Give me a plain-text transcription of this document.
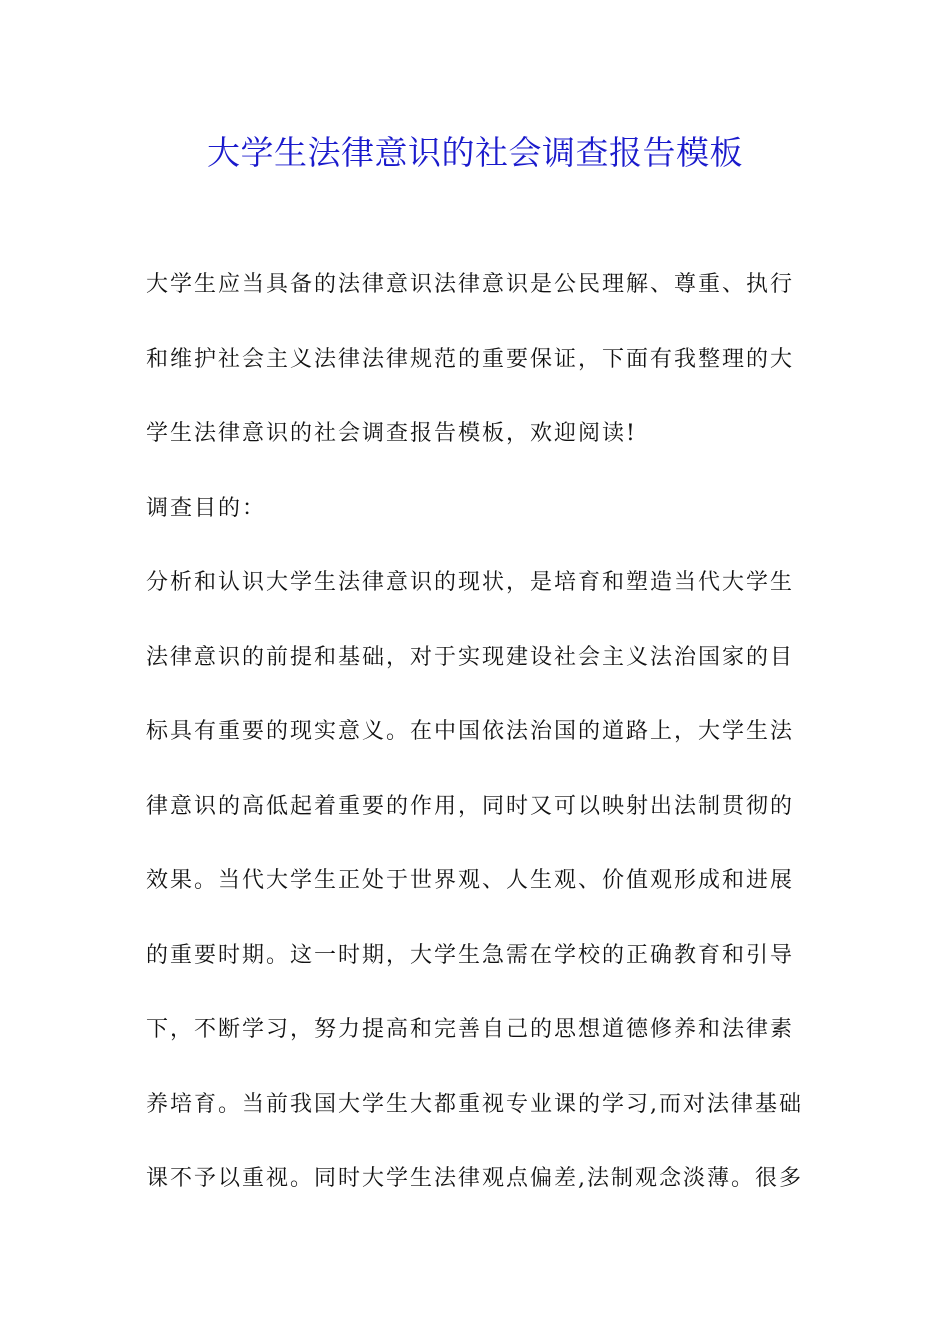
大学生法律意识的社会调查报告模板
大学生应当具备的法律意识法律意识是公民理解、尊重、执行
和维护社会主义法律法律规范的重要保证，下面有我整理的大
学生法律意识的社会调查报告模板，欢迎阅读!
调查目的：
分析和认识大学生法律意识的现状，是培育和塑造当代大学生
法律意识的前提和基础，对于实现建设社会主义法治国家的目
标具有重要的现实意义。在中国依法治国的道路上，大学生法
律意识的高低起着重要的作用，同时又可以映射出法制贯彻的
效果。当代大学生正处于世界观、人生观、价值观形成和进展
的重要时期。这一时期，大学生急需在学校的正确教育和引导
下，不断学习，努力提高和完善自己的思想道德修养和法律素
养培育。当前我国大学生大都重视专业课的学习,而对法律基础
课不予以重视。同时大学生法律观点偏差,法制观念淡薄。很多
